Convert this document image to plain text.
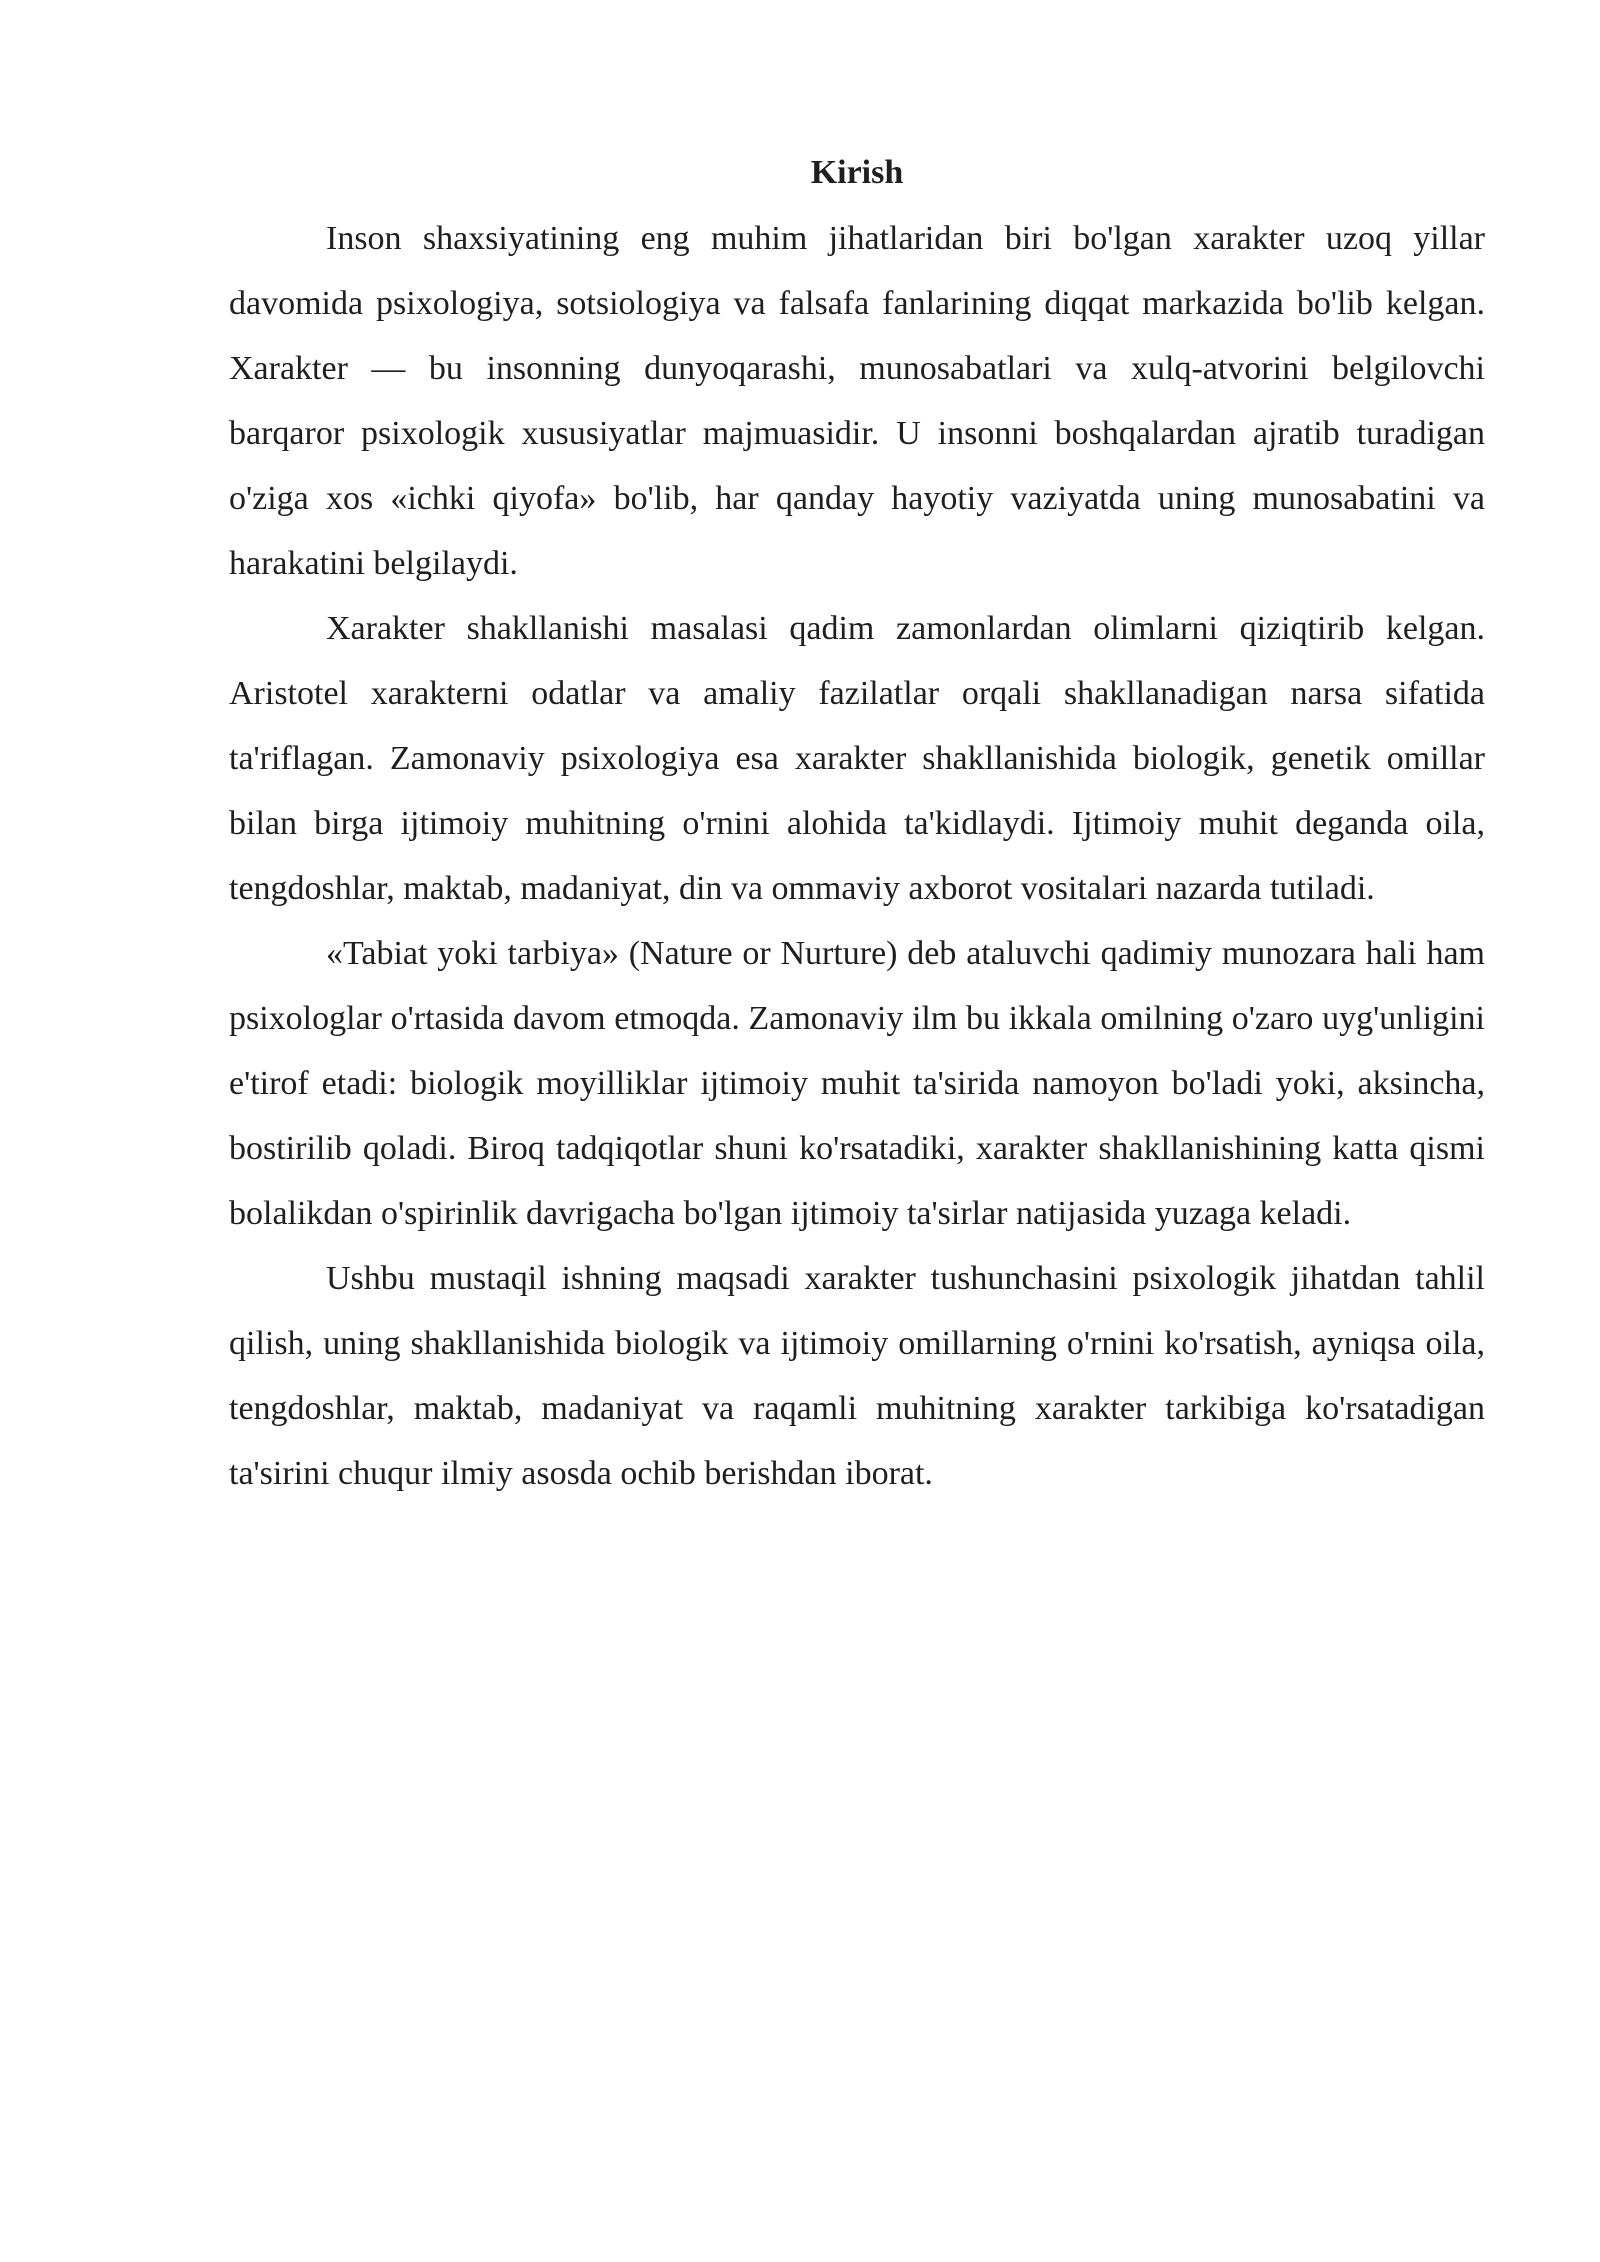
Kirish

Inson shaxsiyatining eng muhim jihatlaridan biri bo'lgan xarakter uzoq yillar davomida psixologiya, sotsiologiya va falsafa fanlarining diqqat markazida bo'lib kelgan. Xarakter — bu insonning dunyoqarashi, munosabatlari va xulq-atvorini belgilovchi barqaror psixologik xususiyatlar majmuasidir. U insonni boshqalardan ajratib turadigan o'ziga xos «ichki qiyofa» bo'lib, har qanday hayotiy vaziyatda uning munosabatini va harakatini belgilaydi.

Xarakter shakllanishi masalasi qadim zamonlardan olimlarni qiziqtirib kelgan. Aristotel xarakterni odatlar va amaliy fazilatlar orqali shakllanadigan narsa sifatida ta'riflagan. Zamonaviy psixologiya esa xarakter shakllanishida biologik, genetik omillar bilan birga ijtimoiy muhitning o'rnini alohida ta'kidlaydi. Ijtimoiy muhit deganda oila, tengdoshlar, maktab, madaniyat, din va ommaviy axborot vositalari nazarda tutiladi.

«Tabiat yoki tarbiya» (Nature or Nurture) deb ataluvchi qadimiy munozara hali ham psixologlar o'rtasida davom etmoqda. Zamonaviy ilm bu ikkala omilning o'zaro uyg'unligini e'tirof etadi: biologik moyilliklar ijtimoiy muhit ta'sirida namoyon bo'ladi yoki, aksincha, bostirilib qoladi. Biroq tadqiqotlar shuni ko'rsatadiki, xarakter shakllanishining katta qismi bolalikdan o'spirinlik davrigacha bo'lgan ijtimoiy ta'sirlar natijasida yuzaga keladi.

Ushbu mustaqil ishning maqsadi xarakter tushunchasini psixologik jihatdan tahlil qilish, uning shakllanishida biologik va ijtimoiy omillarning o'rnini ko'rsatish, ayniqsa oila, tengdoshlar, maktab, madaniyat va raqamli muhitning xarakter tarkibiga ko'rsatadigan ta'sirini chuqur ilmiy asosda ochib berishdan iborat.
